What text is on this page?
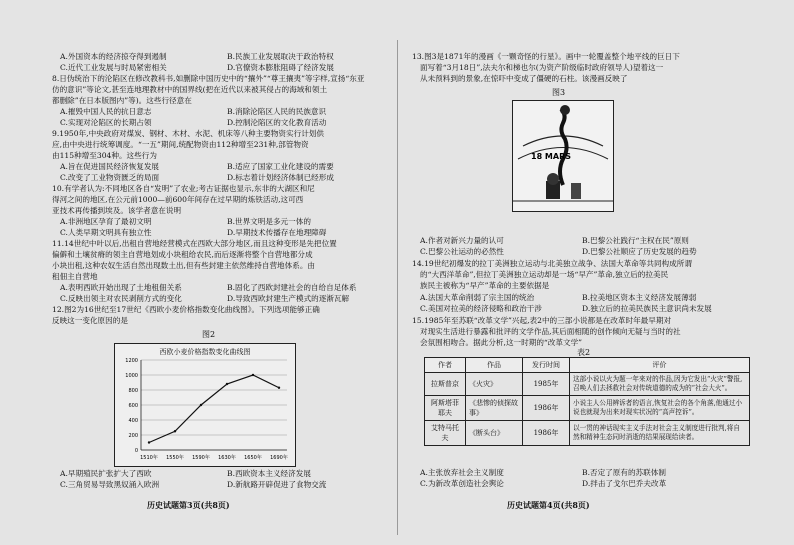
A.外国资本的经济掠夺得到遏制	B.民族工业发展取决于政治特权
C.近代工业发展与时局紧密相关	D.官僚资本膨胀阻碍了经济发展
8.日伪统治下的沦陷区在修改教科书,如删除中国历史中的“攘外”“尊王攘夷”等字样,宣扬“东亚
仿的意识”等论文,甚至连地理教材中的国界线(把在近代以来被其侵占的海域和领土
都删除”在日本版图内”等)。这些行径意在
A.摧毁中国人民的抗日意志	B.消除沦陷区人民的民族意识
C.实现对沦陷区的长期占领	D.控制沦陷区的文化教育活动
9.1950年,中央政府对煤炭、钢材、木材、水泥、机床等八种主要物资实行计划供
应,由中央进行统筹调度。“一五”期间,统配物资由112种增至231种,部管物资
由115种增至304种。这些行为
A.旨在促进国民经济恢复发展	B.适应了国家工业化建设的需要
C.改变了工业物资匮乏的局面	D.标志着计划经济体制已经形成
10.有学者认为:不同地区各自“发明”了农业;考古证据也显示,东非的大湖区和尼
得河之间的地区,在公元前1000—前600年间存在过早期的炼铁活动,这可西
亚技术再传播到埃及。该学者意在说明
A.非洲地区孕育了最初文明	B.世界文明是多元一体的
C.人类早期文明具有独立性	D.早期技术传播存在地理障碍
11.14世纪中叶以后,出租自营地经营模式在西欧大部分地区,而且这种变形是先把位置
偏僻和土壤贫瘠的领主自营地划成小块租给农民,而后逐渐将整个自营地都分成
小块出租,这种农奴生活自然出现数土出,但有些封建主依然维持自营地体系。由
租佃主自营地
A.表明西欧开始出现了土地租佃关系	B.固化了西欧封建社会的自给自足体系
C.反映出领主对农民剥削方式的变化	D.导致西欧封建生产模式的逐渐瓦解
12.图2为16世纪至17世纪《西欧小麦价格指数变化曲线图》。下列选项能够正确
反映这一变化原因的是
图2
西欧小麦价格指数变化曲线图
0
200
400
600
800
1000
1200
1510年 1550年 1590年 1630年 1650年 1690年
A.早期殖民扩张扩大了西欧	B.西欧资本主义经济发展
C.三角贸易导致黑奴涌入欧洲	D.新航路开辟促进了食物交流
历史试题第3页(共8页)
13.图3是1871年的漫画《一颗奇怪的行星》。画中一轮覆盖整个地平线的巨日下
面写着“3月18日”,法夫尔和梯也尔(为资产阶级临时政府领导人)望着这一
从未预料到的景象,在惊吓中变成了僵硬的石柱。该漫画反映了
图3
18 MARS
A.作者对新兴力量的认可	B.巴黎公社践行“主权在民”原则
C.巴黎公社运动的必然性	D.巴黎公社顺应了历史发展的趋势
14.19世纪初爆发的拉丁美洲独立运动与北美独立战争、法国大革命等共同构成所谓
的“大西洋革命”,但拉丁美洲独立运动却是一场“早产”革命,独立后的拉美民
族民主被称为“早产”革命的主要依据是
A.法国大革命削弱了宗主国的统治	B.拉美地区资本主义经济发展薄弱
C.美国对拉美的经济侵略和政治干涉	D.独立后的拉美民族民主意识尚未发展
15.1985年至苏联“改革文学”兴起,表2中的三部小说都是在改革时年最早期对
对现实生活进行暴露和批评的文学作品,其后面相随的创作倾向无疑与当时的社
会氛围相吻合。据此分析,这一时期的“改革文学”
表2
作者	作品	发行时间	评价
拉斯普京	《火灾》	1985年	这部小说以火为题一年来对的作品,因为它发出“火灾”警报,召唤人们去拯救社会对传统道德的成为的“社会大火”。
阿斯塔菲耶夫	《悲惨的侦探故事》	1986年	小说主人公用辨诉者的语言,恢复社会的各个角落,他通过小说也就现为出来对现实状况的“高声控诉”。
艾特马托夫	《断头台》	1986年	以一贯的神话现实主义手法对社会主义制度进行批判,将自然和精神生态同时消逝的结果展现给读者。
A.主张放弃社会主义制度	B.否定了原有的苏联体制
C.为新改革创造社会舆论	D.拌击了戈尔巴乔夫改革
历史试题第4页(共8页)
